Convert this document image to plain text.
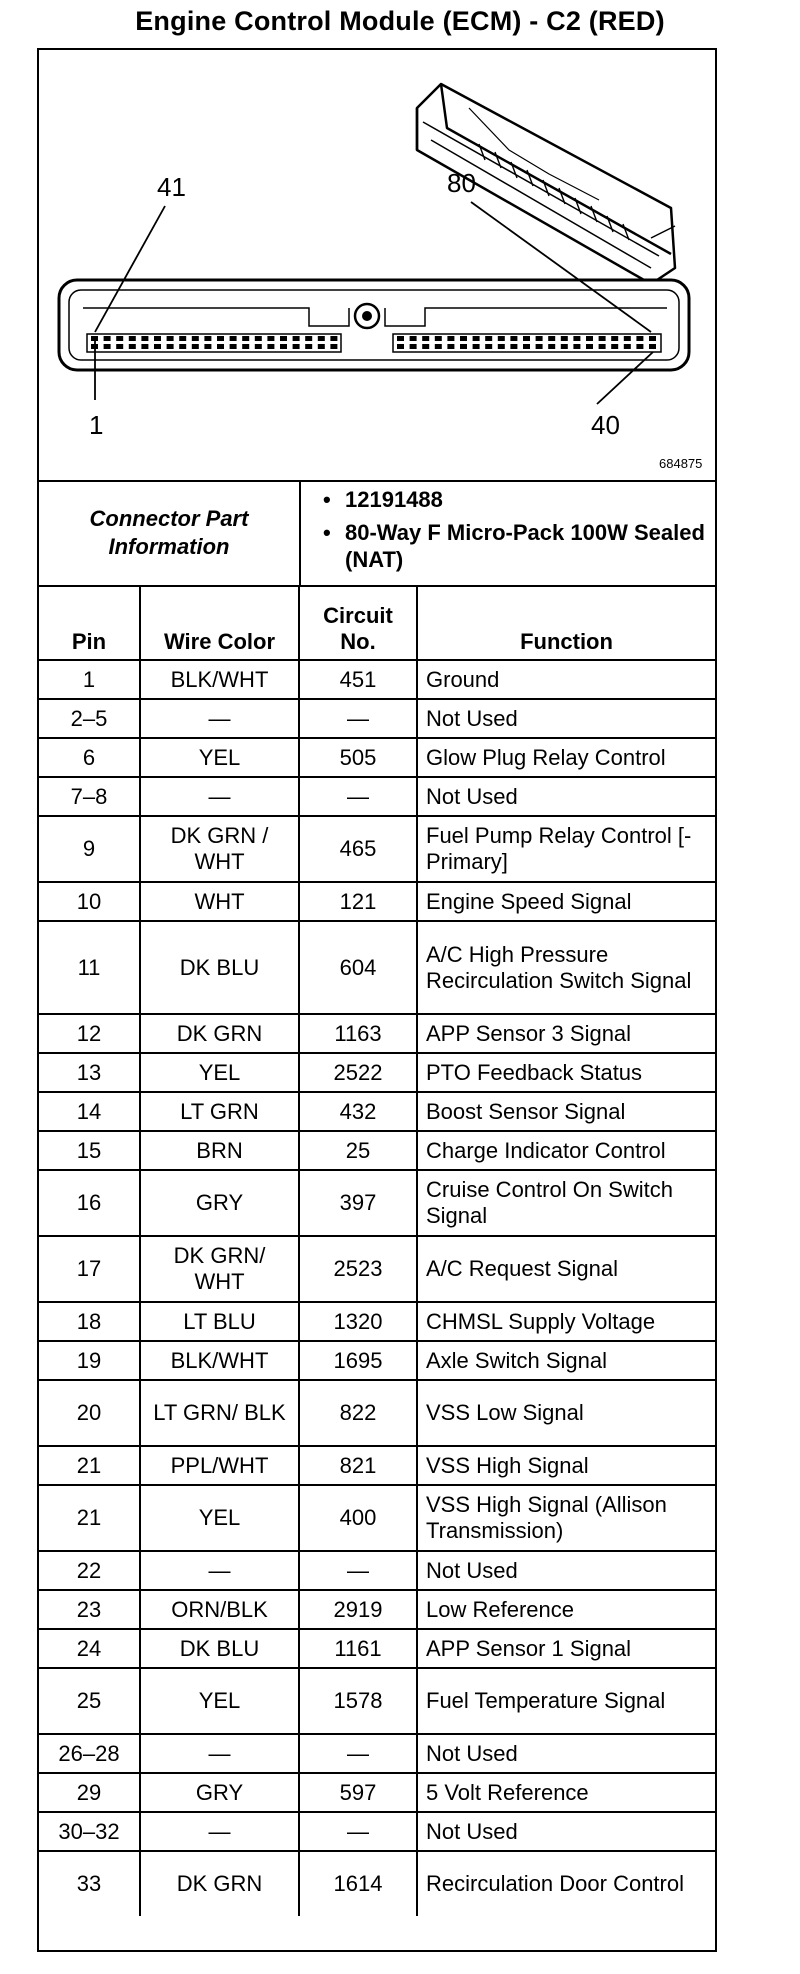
Engine Control Module (ECM) - C2 (RED)
41	80
1	40
684875
Connector Part Information
• 12191488
• 80-Way F Micro-Pack 100W Sealed (NAT)
Pin	Wire Color	Circuit No.	Function
1	BLK/WHT	451	Ground
2–5	—	—	Not Used
6	YEL	505	Glow Plug Relay Control
7–8	—	—	Not Used
9	DK GRN / WHT	465	Fuel Pump Relay Control [- Primary]
10	WHT	121	Engine Speed Signal
11	DK BLU	604	A/C High Pressure Recirculation Switch Signal
12	DK GRN	1163	APP Sensor 3 Signal
13	YEL	2522	PTO Feedback Status
14	LT GRN	432	Boost Sensor Signal
15	BRN	25	Charge Indicator Control
16	GRY	397	Cruise Control On Switch Signal
17	DK GRN/ WHT	2523	A/C Request Signal
18	LT BLU	1320	CHMSL Supply Voltage
19	BLK/WHT	1695	Axle Switch Signal
20	LT GRN/ BLK	822	VSS Low Signal
21	PPL/WHT	821	VSS High Signal
21	YEL	400	VSS High Signal (Allison Transmission)
22	—	—	Not Used
23	ORN/BLK	2919	Low Reference
24	DK BLU	1161	APP Sensor 1 Signal
25	YEL	1578	Fuel Temperature Signal
26–28	—	—	Not Used
29	GRY	597	5 Volt Reference
30–32	—	—	Not Used
33	DK GRN	1614	Recirculation Door Control
